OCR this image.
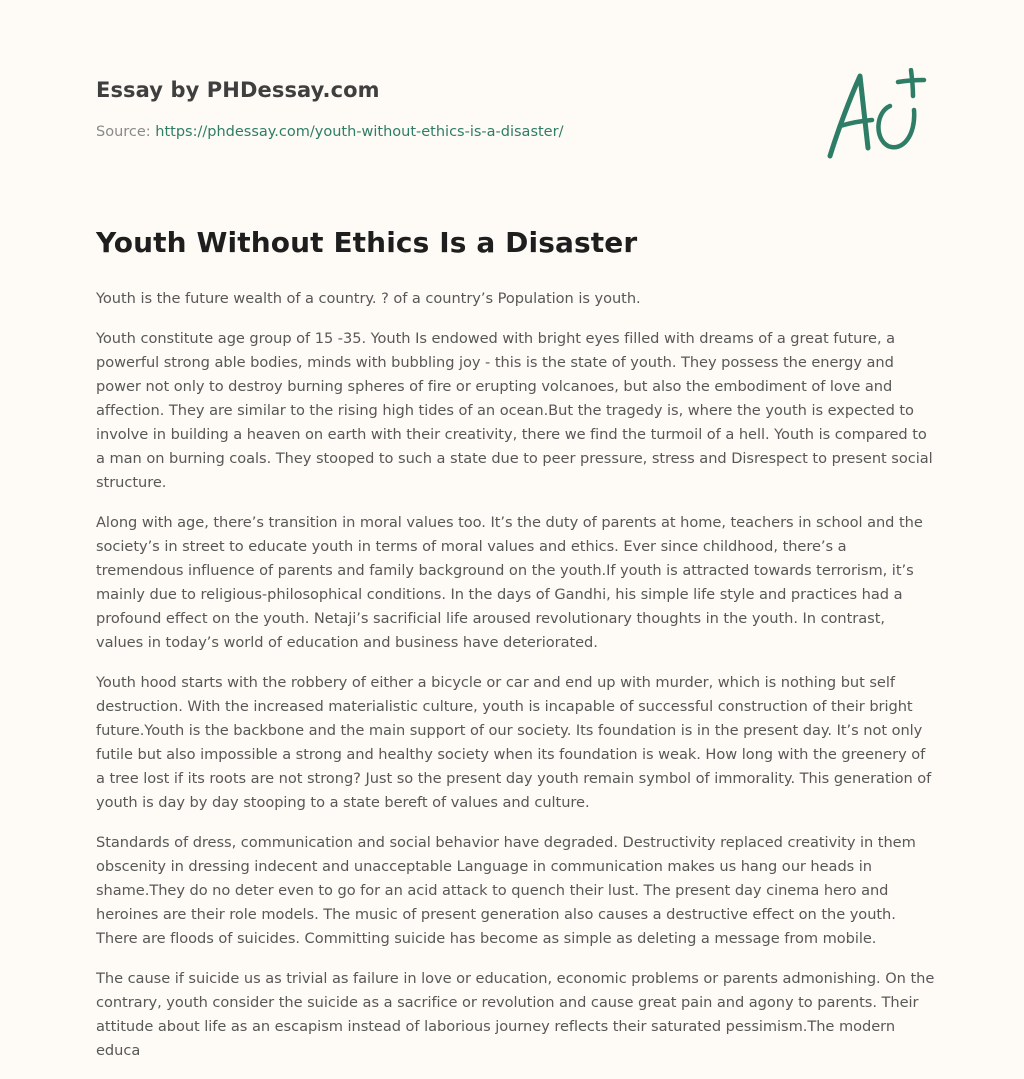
Essay by PHDessay.com
Source: https://phdessay.com/youth-without-ethics-is-a-disaster/
Youth Without Ethics Is a Disaster

Youth is the future wealth of a country. ? of a country’s Population is youth.

Youth constitute age group of 15 -35. Youth Is endowed with bright eyes filled with dreams of a great future, a powerful strong able bodies, minds with bubbling joy - this is the state of youth. They possess the energy and power not only to destroy burning spheres of fire or erupting volcanoes, but also the embodiment of love and affection. They are similar to the rising high tides of an ocean.But the tragedy is, where the youth is expected to involve in building a heaven on earth with their creativity, there we find the turmoil of a hell. Youth is compared to a man on burning coals. They stooped to such a state due to peer pressure, stress and Disrespect to present social structure.

Along with age, there’s transition in moral values too. It’s the duty of parents at home, teachers in school and the society’s in street to educate youth in terms of moral values and ethics. Ever since childhood, there’s a tremendous influence of parents and family background on the youth.If youth is attracted towards terrorism, it’s mainly due to religious-philosophical conditions. In the days of Gandhi, his simple life style and practices had a profound effect on the youth. Netaji’s sacrificial life aroused revolutionary thoughts in the youth. In contrast, values in today’s world of education and business have deteriorated.

Youth hood starts with the robbery of either a bicycle or car and end up with murder, which is nothing but self destruction. With the increased materialistic culture, youth is incapable of successful construction of their bright future.Youth is the backbone and the main support of our society. Its foundation is in the present day. It’s not only futile but also impossible a strong and healthy society when its foundation is weak. How long with the greenery of a tree lost if its roots are not strong? Just so the present day youth remain symbol of immorality. This generation of youth is day by day stooping to a state bereft of values and culture.

Standards of dress, communication and social behavior have degraded. Destructivity replaced creativity in them obscenity in dressing indecent and unacceptable Language in communication makes us hang our heads in shame.They do no deter even to go for an acid attack to quench their lust. The present day cinema hero and heroines are their role models. The music of present generation also causes a destructive effect on the youth. There are floods of suicides. Committing suicide has become as simple as deleting a message from mobile.

The cause if suicide us as trivial as failure in love or education, economic problems or parents admonishing. On the contrary, youth consider the suicide as a sacrifice or revolution and cause great pain and agony to parents. Their attitude about life as an escapism instead of laborious journey reflects their saturated pessimism.The modern educa
